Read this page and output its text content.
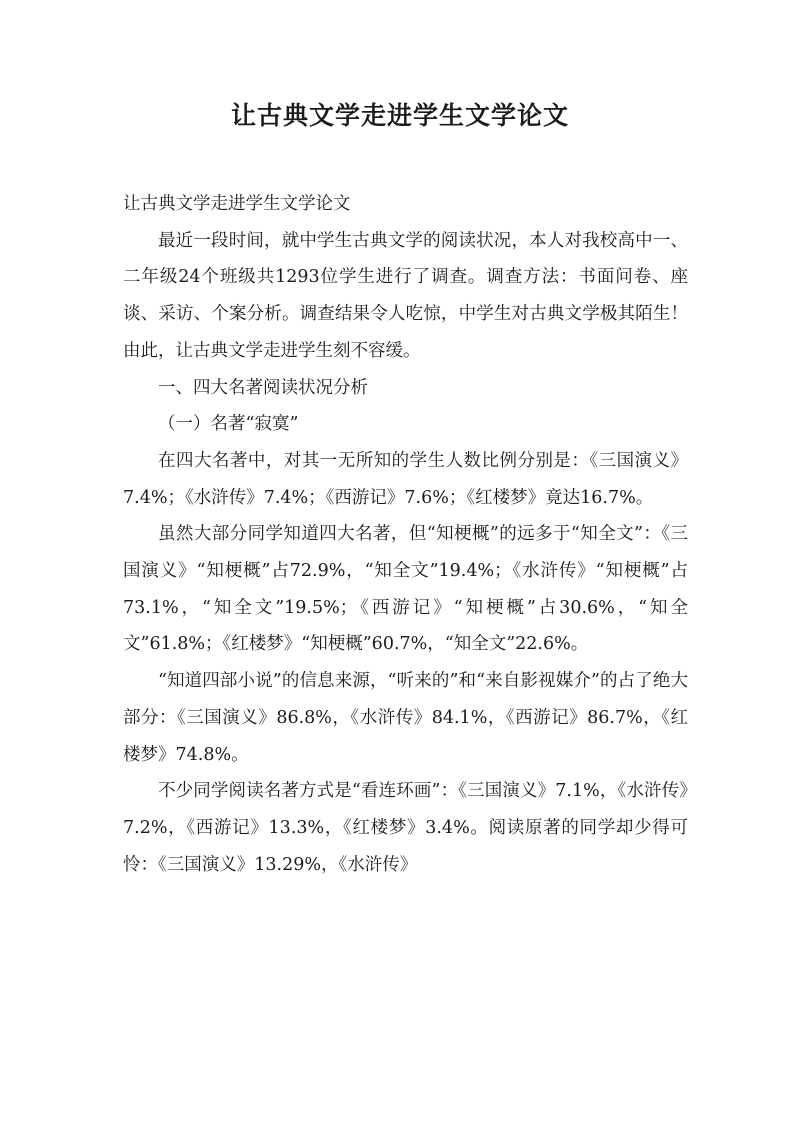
让古典文学走进学生文学论文

让古典文学走进学生文学论文

最近一段时间，就中学生古典文学的阅读状况，本人对我校高中一、二年级24个班级共1293位学生进行了调查。调查方法：书面问卷、座谈、采访、个案分析。调查结果令人吃惊，中学生对古典文学极其陌生！由此，让古典文学走进学生刻不容缓。

一、四大名著阅读状况分析

（一）名著“寂寞”

在四大名著中，对其一无所知的学生人数比例分别是：《三国演义》7.4%；《水浒传》7.4%；《西游记》7.6%；《红楼梦》竟达16.7%。

虽然大部分同学知道四大名著，但“知梗概”的远多于“知全文”：《三国演义》“知梗概”占72.9%，“知全文”19.4%；《水浒传》“知梗概”占73.1%，“知全文”19.5%；《西游记》“知梗概”占30.6%，“知全文”61.8%；《红楼梦》“知梗概”60.7%，“知全文”22.6%。

“知道四部小说”的信息来源，“听来的”和“来自影视媒介”的占了绝大部分：《三国演义》86.8%，《水浒传》84.1%，《西游记》86.7%，《红楼梦》74.8%。

不少同学阅读名著方式是“看连环画”：《三国演义》7.1%，《水浒传》7.2%，《西游记》13.3%，《红楼梦》3.4%。阅读原著的同学却少得可怜：《三国演义》13.29%，《水浒传》
